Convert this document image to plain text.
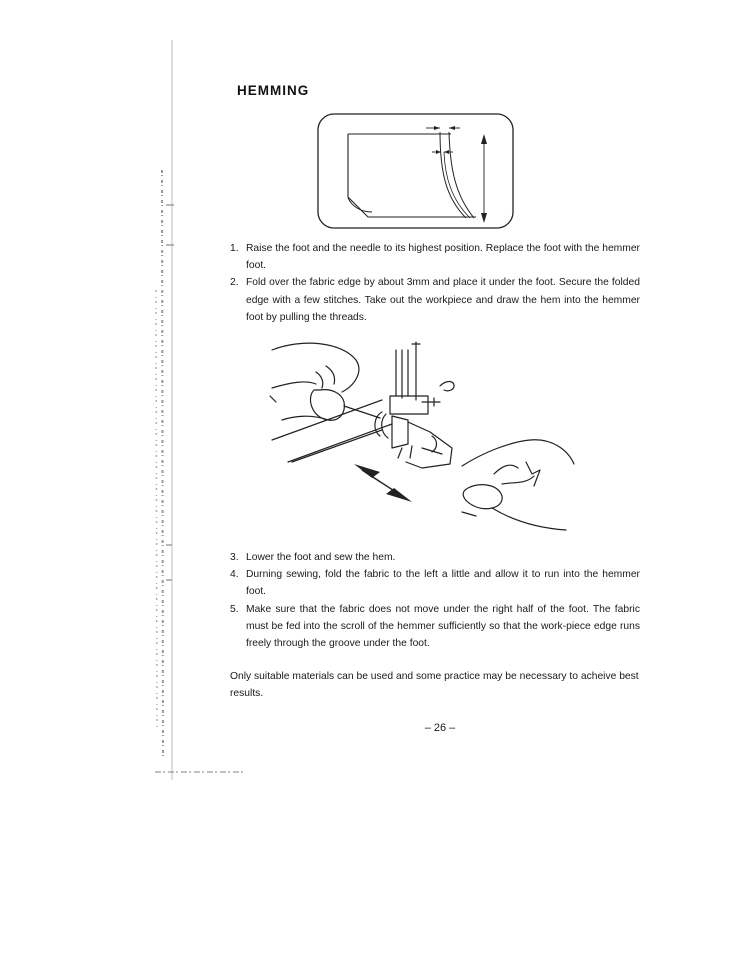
HEMMING
1. Raise the foot and the needle to its highest position. Replace the foot with the hemmer foot.
2. Fold over the fabric edge by about 3mm and place it under the foot. Secure the folded edge with a few stitches. Take out the workpiece and draw the hem into the hemmer foot by pulling the threads.
3. Lower the foot and sew the hem.
4. Durning sewing, fold the fabric to the left a little and allow it to run into the hemmer foot.
5. Make sure that the fabric does not move under the right half of the foot. The fabric must be fed into the scroll of the hemmer sufficiently so that the work-piece edge runs freely through the groove under the foot.

Only suitable materials can be used and some practice may be necessary to acheive best results.

– 26 –
